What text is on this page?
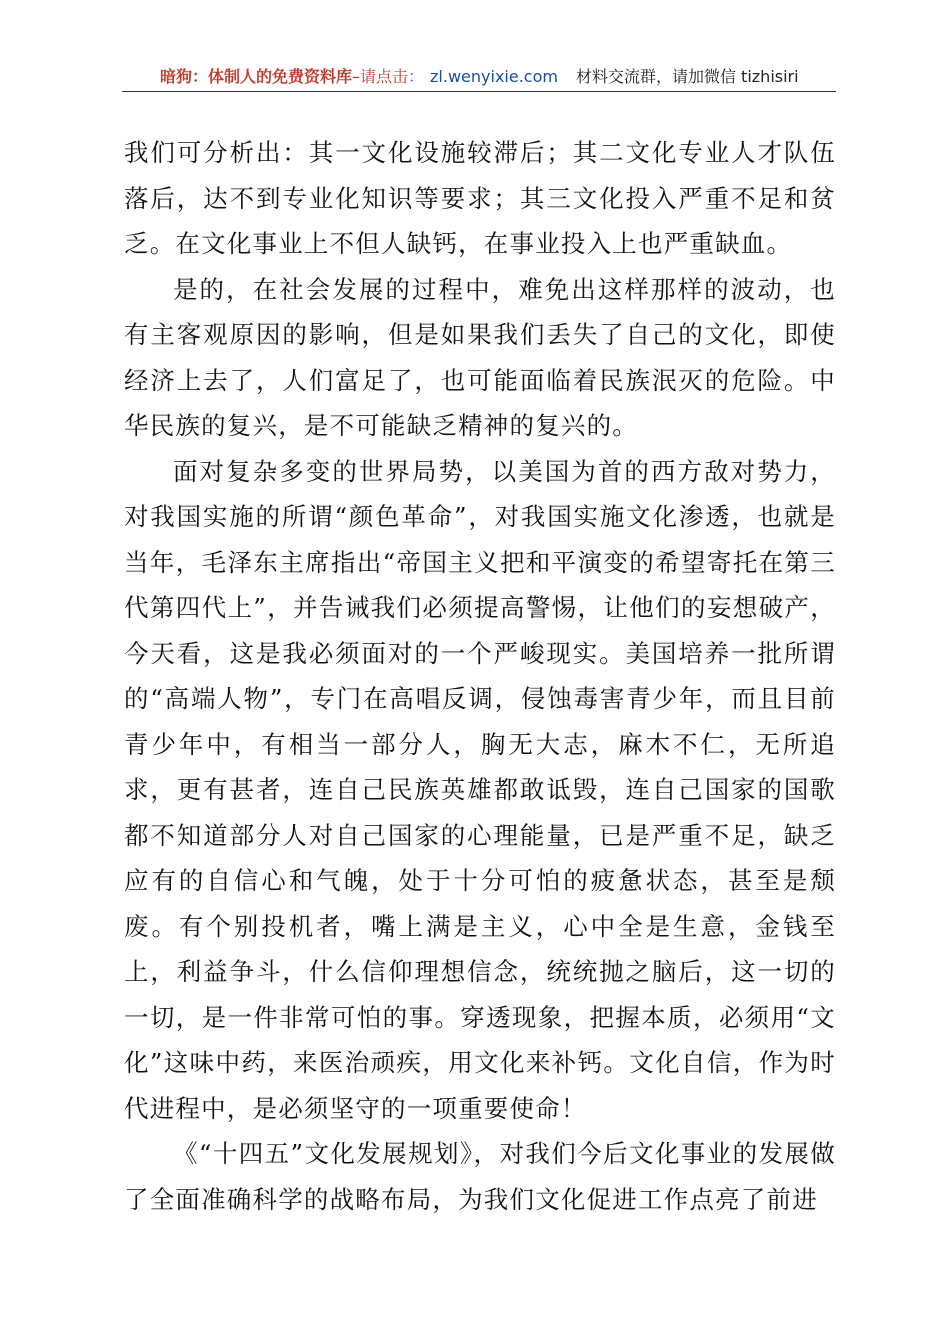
暗狗：体制人的免费资料库–请点击： zl.wenyixie.com 材料交流群，请加微信 tizhisiri

我们可分析出：其一文化设施较滞后；其二文化专业人才队伍落后，达不到专业化知识等要求；其三文化投入严重不足和贫乏。在文化事业上不但人缺钙，在事业投入上也严重缺血。

是的，在社会发展的过程中，难免出这样那样的波动，也有主客观原因的影响，但是如果我们丢失了自己的文化，即使经济上去了，人们富足了，也可能面临着民族泯灭的危险。中华民族的复兴，是不可能缺乏精神的复兴的。

面对复杂多变的世界局势，以美国为首的西方敌对势力，对我国实施的所谓“颜色革命”，对我国实施文化渗透，也就是当年，毛泽东主席指出“帝国主义把和平演变的希望寄托在第三代第四代上”，并告诫我们必须提高警惕，让他们的妄想破产，今天看，这是我必须面对的一个严峻现实。美国培养一批所谓的“高端人物”，专门在高唱反调，侵蚀毒害青少年，而且目前青少年中，有相当一部分人，胸无大志，麻木不仁，无所追求，更有甚者，连自己民族英雄都敢诋毁，连自己国家的国歌都不知道部分人对自己国家的心理能量，已是严重不足，缺乏应有的自信心和气魄，处于十分可怕的疲惫状态，甚至是颓废。有个别投机者，嘴上满是主义，心中全是生意，金钱至上，利益争斗，什么信仰理想信念，统统抛之脑后，这一切的一切，是一件非常可怕的事。穿透现象，把握本质，必须用“文化”这味中药，来医治顽疾，用文化来补钙。文化自信，作为时代进程中，是必须坚守的一项重要使命！

《“十四五”文化发展规划》，对我们今后文化事业的发展做了全面准确科学的战略布局，为我们文化促进工作点亮了前进
